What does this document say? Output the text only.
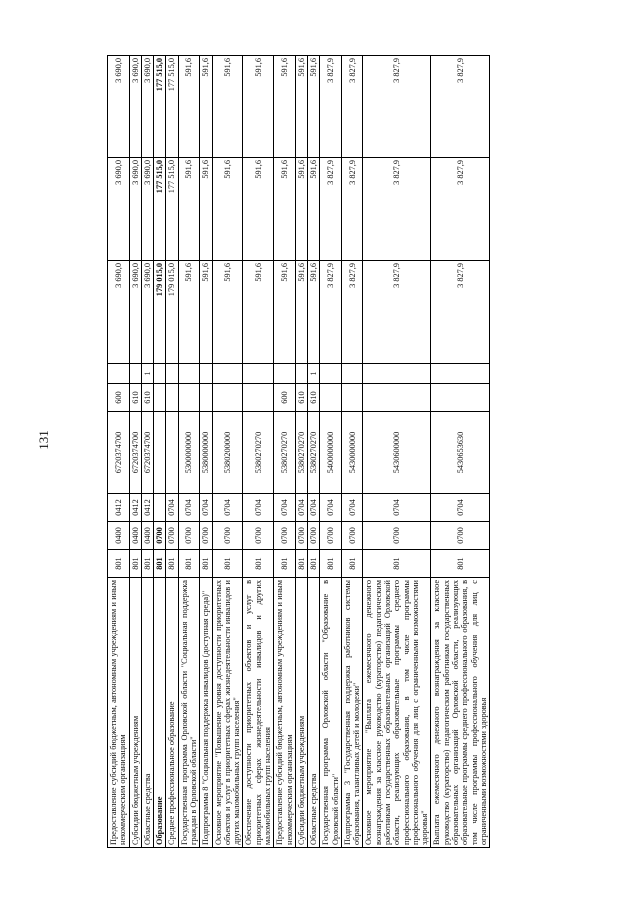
131
Предоставление субсидий бюджетным, автономным учреждениям и иным некоммерческим организациям	801	0400	0412	6720374700	600		3 690,0	3 690,0	3 690,0
Субсидии бюджетным учреждениям	801	0400	0412	6720374700	610		3 690,0	3 690,0	3 690,0
Областные средства	801	0400	0412	6720374700	610	1	3 690,0	3 690,0	3 690,0
Образование	801	0700					179 015,0	177 515,0	177 515,0
Среднее профессиональное образование	801	0700	0704				179 015,0	177 515,0	177 515,0
Государственная программа Орловской области "Социальная поддержка граждан в Орловской области"	801	0700	0704	5300000000			591,6	591,6	591,6
Подпрограмма 8 "Социальная поддержка инвалидов (доступная среда)"	801	0700	0704	5380000000			591,6	591,6	591,6
Основное мероприятие "Повышение уровня доступности приоритетных объектов и услуг в приоритетных сферах жизнедеятельности инвалидов и других маломобильных групп населения"	801	0700	0704	5380200000			591,6	591,6	591,6
Обеспечение доступности приоритетных объектов и услуг в приоритетных сферах жизнедеятельности инвалидов и других маломобильных групп населения	801	0700	0704	5380270270			591,6	591,6	591,6
Предоставление субсидий бюджетным, автономным учреждениям и иным некоммерческим организациям	801	0700	0704	5380270270	600		591,6	591,6	591,6
Субсидии бюджетным учреждениям	801	0700	0704	5380270270	610		591,6	591,6	591,6
Областные средства	801	0700	0704	5380270270	610	1	591,6	591,6	591,6
Государственная программа Орловской области "Образование в Орловской области"	801	0700	0704	5400000000			3 827,9	3 827,9	3 827,9
Подпрограмма 3 "Государственная поддержка работников системы образования, талантливых детей и молодежи"	801	0700	0704	5430000000			3 827,9	3 827,9	3 827,9
Основное мероприятие "Выплата ежемесячного денежного вознаграждения за классное руководство (кураторство) педагогическим работникам государственных образовательных организаций Орловской области, реализующих образовательные программы среднего профессионального образования, в том числе программы профессионального обучения для лиц с ограниченными возможностями здоровья"	801	0700	0704	5430600000			3 827,9	3 827,9	3 827,9
Выплата ежемесячного денежного вознаграждения за классное руководство (кураторство) педагогическим работникам государственных образовательных организаций Орловской области, реализующих образовательные программы среднего профессионального образования, в том числе программы профессионального обучения для лиц с ограниченными возможностями здоровья	801	0700	0704	5430653630			3 827,9	3 827,9	3 827,9
